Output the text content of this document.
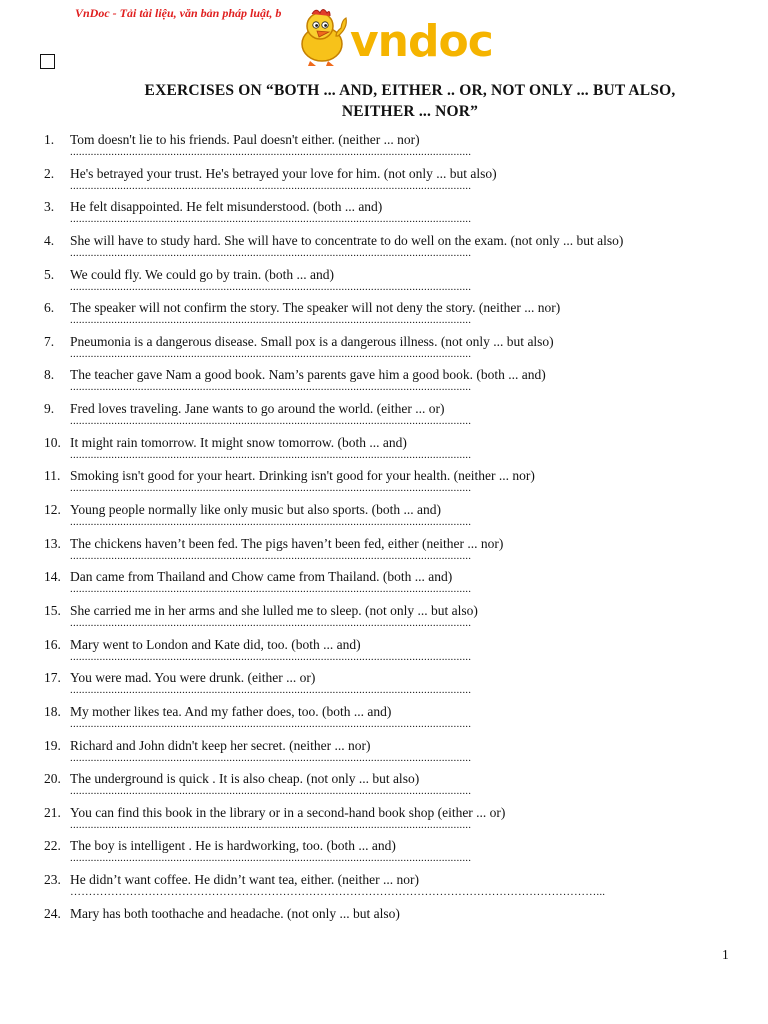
VnDoc - Tải tài liệu, văn bản pháp luật, b
vndoc
EXERCISES ON “BOTH ... AND, EITHER .. OR, NOT ONLY ... BUT ALSO,
NEITHER ... NOR”
1. Tom doesn't lie to his friends. Paul doesn't either. (neither ... nor)
........................................................................................................................................
2. He's betrayed your trust. He's betrayed your love for him. (not only ... but also)
........................................................................................................................................
3. He felt disappointed. He felt misunderstood. (both ... and)
........................................................................................................................................
4. She will have to study hard. She will have to concentrate to do well on the exam. (not only ... but also)
........................................................................................................................................
5. We could fly. We could go by train. (both ... and)
........................................................................................................................................
6. The speaker will not confirm the story. The speaker will not deny the story. (neither ... nor)
........................................................................................................................................
7. Pneumonia is a dangerous disease. Small pox is a dangerous illness. (not only ... but also)
........................................................................................................................................
8. The teacher gave Nam a good book. Nam’s parents gave him a good book. (both ... and)
........................................................................................................................................
9. Fred loves traveling. Jane wants to go around the world. (either ... or)
........................................................................................................................................
10. It might rain tomorrow. It might snow tomorrow. (both ... and)
........................................................................................................................................
11. Smoking isn't good for your heart. Drinking isn't good for your health. (neither ... nor)
........................................................................................................................................
12. Young people normally like only music but also sports. (both ... and)
........................................................................................................................................
13. The chickens haven’t been fed. The pigs haven’t been fed, either (neither ... nor)
........................................................................................................................................
14. Dan came from Thailand and Chow came from Thailand. (both ... and)
........................................................................................................................................
15. She carried me in her arms and she lulled me to sleep. (not only ... but also)
........................................................................................................................................
16. Mary went to London and Kate did, too. (both ... and)
........................................................................................................................................
17. You were mad. You were drunk. (either ... or)
........................................................................................................................................
18. My mother likes tea. And my father does, too. (both ... and)
........................................................................................................................................
19. Richard and John didn't keep her secret. (neither ... nor)
........................................................................................................................................
20. The underground is quick . It is also cheap. (not only ... but also)
........................................................................................................................................
21. You can find this book in the library or in a second-hand book shop (either ... or)
........................................................................................................................................
22. The boy is intelligent . He is hardworking, too. (both ... and)
........................................................................................................................................
23. He didn’t want coffee. He didn’t want tea, either. (neither ... nor)
……………………………………………………………………………………………………………………………...
24. Mary has both toothache and headache. (not only ... but also)
1
